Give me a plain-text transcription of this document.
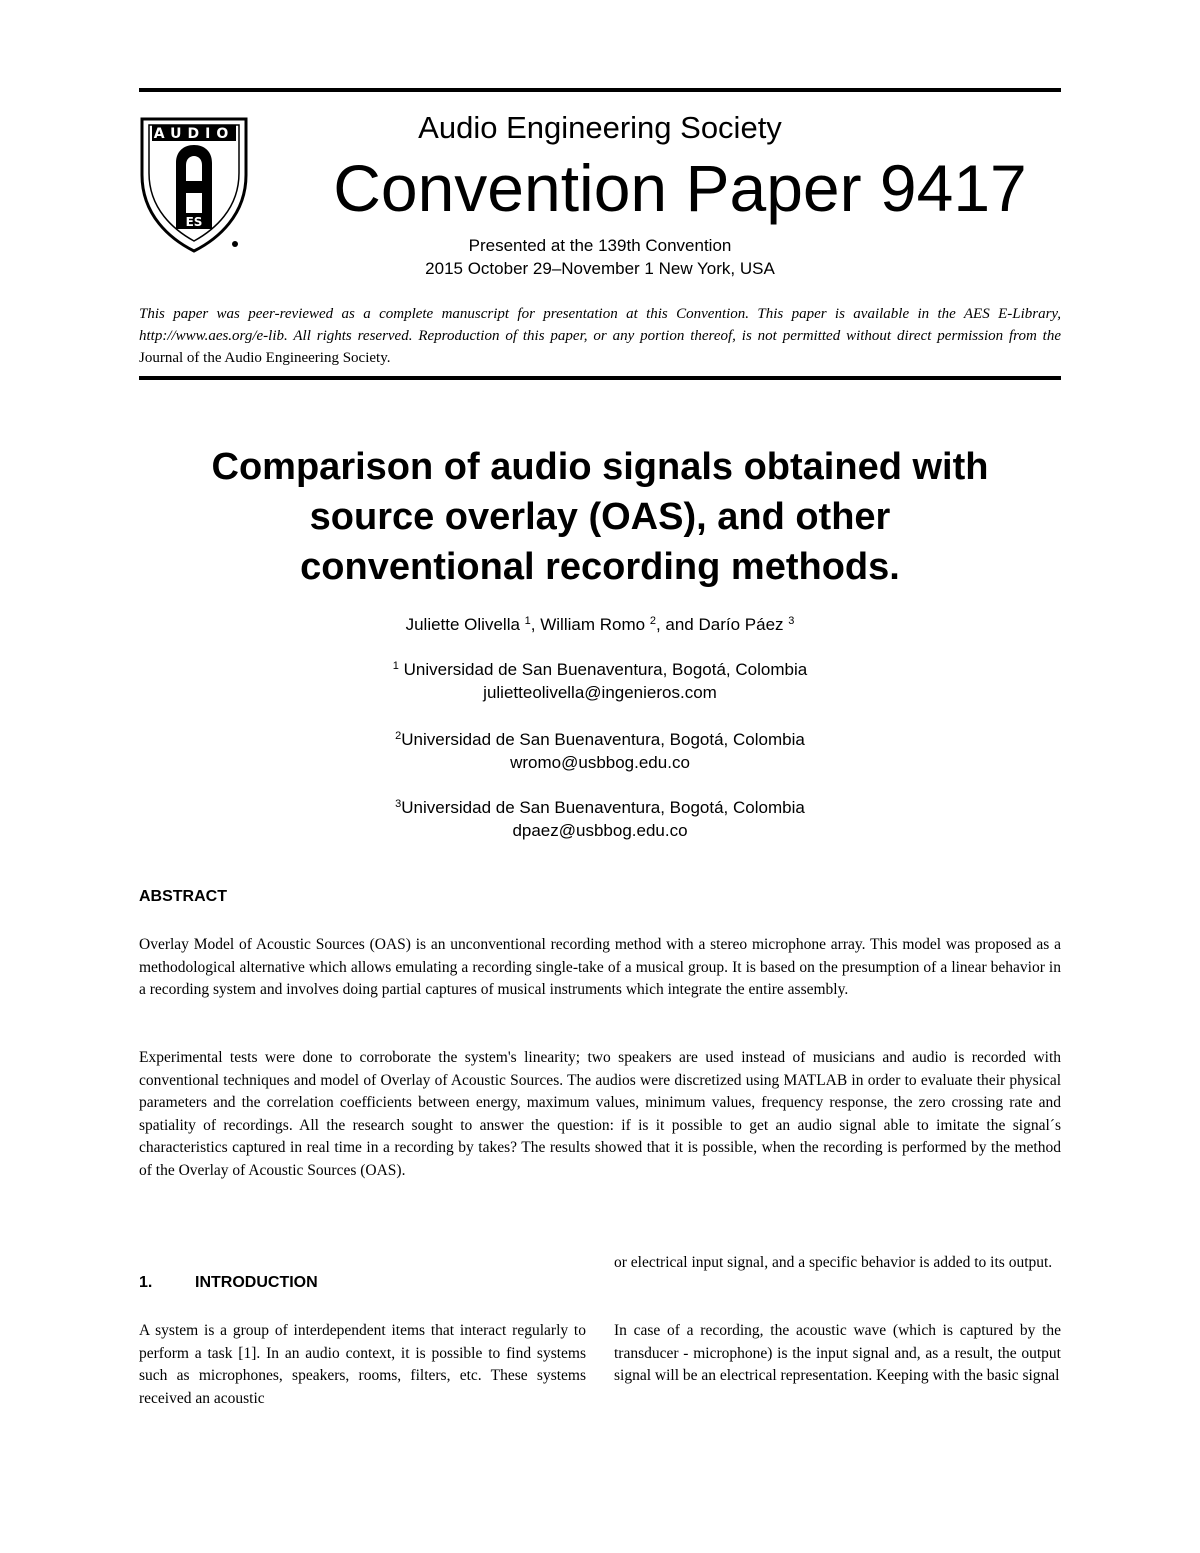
AUDIO
ES
Audio Engineering Society
Convention Paper 9417
Presented at the 139th Convention
2015 October 29–November 1 New York, USA
This paper was peer-reviewed as a complete manuscript for presentation at this Convention. This paper is available in the AES E-Library, http://www.aes.org/e-lib. All rights reserved. Reproduction of this paper, or any portion thereof, is not permitted without direct permission from the Journal of the Audio Engineering Society.
Comparison of audio signals obtained with
source overlay (OAS), and other
conventional recording methods.
Juliette Olivella $^1$, William Romo $^2$, and Darío Páez $^3$
$^1$ Universidad de San Buenaventura, Bogotá, Colombia
julietteolivella@ingenieros.com
$^2$Universidad de San Buenaventura, Bogotá, Colombia
wromo@usbbog.edu.co
$^3$Universidad de San Buenaventura, Bogotá, Colombia
dpaez@usbbog.edu.co
ABSTRACT

Overlay Model of Acoustic Sources (OAS) is an unconventional recording method with a stereo microphone array. This model was proposed as a methodological alternative which allows emulating a recording single-take of a musical group. It is based on the presumption of a linear behavior in a recording system and involves doing partial captures of musical instruments which integrate the entire assembly.

Experimental tests were done to corroborate the system's linearity; two speakers are used instead of musicians and audio is recorded with conventional techniques and model of Overlay of Acoustic Sources. The audios were discretized using MATLAB in order to evaluate their physical parameters and the correlation coefficients between energy, maximum values, minimum values, frequency response, the zero crossing rate and spatiality of recordings. All the research sought to answer the question: if is it possible to get an audio signal able to imitate the signal´s characteristics captured in real time in a recording by takes? The results showed that it is possible, when the recording is performed by the method of the Overlay of Acoustic Sources (OAS).

1.	INTRODUCTION

A system is a group of interdependent items that interact regularly to perform a task [1]. In an audio context, it is possible to find systems such as microphones, speakers, rooms, filters, etc. These systems received an acoustic

or electrical input signal, and a specific behavior is added to its output.

In case of a recording, the acoustic wave (which is captured by the transducer - microphone) is the input signal and, as a result, the output signal will be an electrical representation. Keeping with the basic signal
